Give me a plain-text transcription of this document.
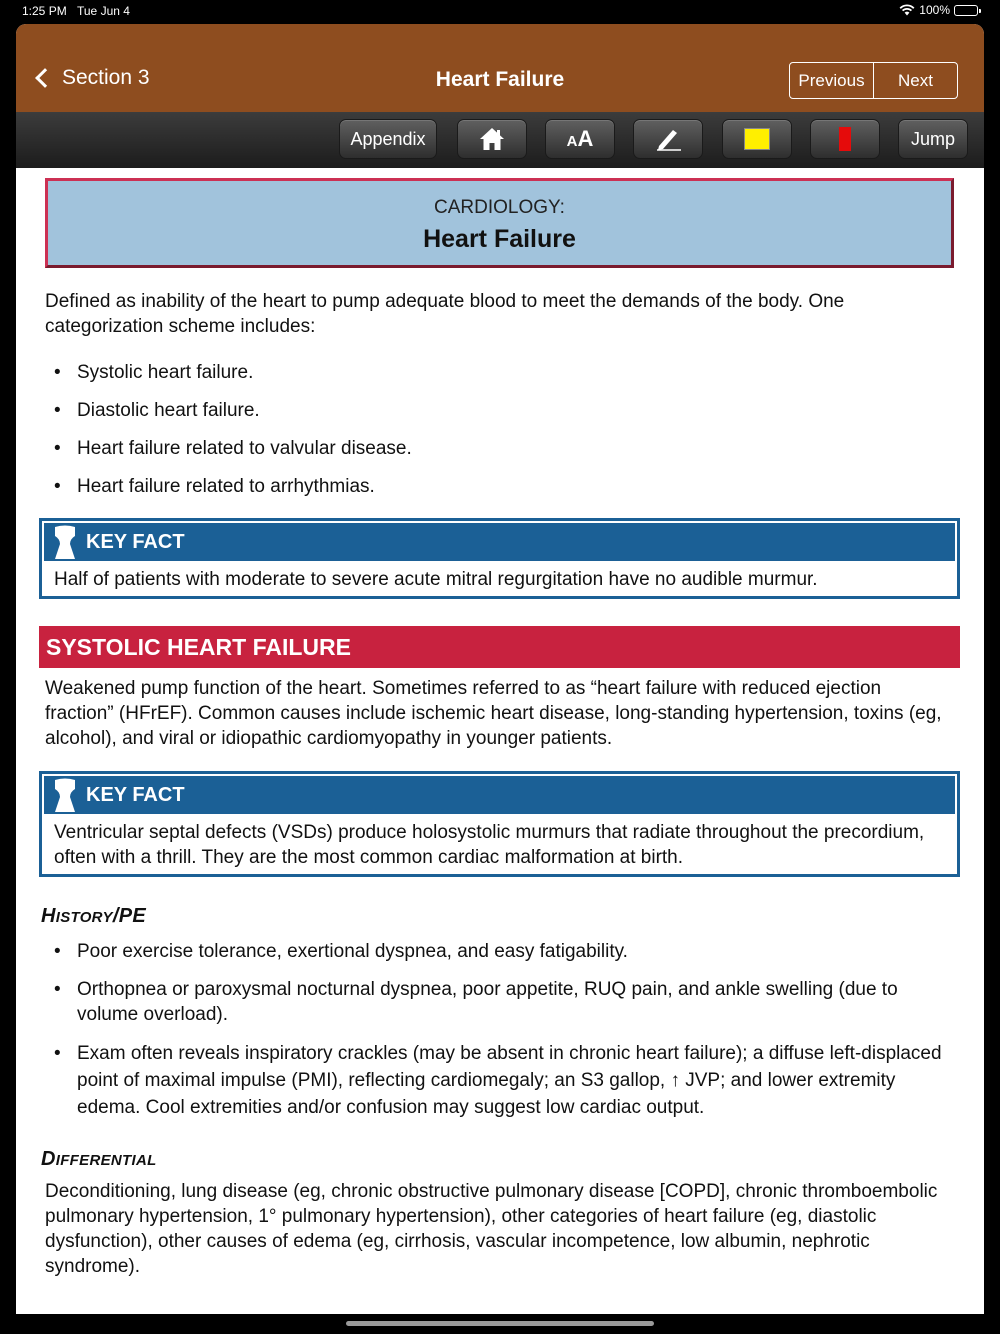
1:25 PM Tue Jun 4	100%
Section 3	Heart Failure	Previous	Next
Appendix	AA	Jump
CARDIOLOGY:
Heart Failure
Defined as inability of the heart to pump adequate blood to meet the demands of the body. One categorization scheme includes:
• Systolic heart failure.
• Diastolic heart failure.
• Heart failure related to valvular disease.
• Heart failure related to arrhythmias.
KEY FACT
Half of patients with moderate to severe acute mitral regurgitation have no audible murmur.
SYSTOLIC HEART FAILURE
Weakened pump function of the heart. Sometimes referred to as “heart failure with reduced ejection fraction” (HFrEF). Common causes include ischemic heart disease, long-standing hypertension, toxins (eg, alcohol), and viral or idiopathic cardiomyopathy in younger patients.
KEY FACT
Ventricular septal defects (VSDs) produce holosystolic murmurs that radiate throughout the precordium, often with a thrill. They are the most common cardiac malformation at birth.
HISTORY/PE
• Poor exercise tolerance, exertional dyspnea, and easy fatigability.
• Orthopnea or paroxysmal nocturnal dyspnea, poor appetite, RUQ pain, and ankle swelling (due to volume overload).
• Exam often reveals inspiratory crackles (may be absent in chronic heart failure); a diffuse left-displaced point of maximal impulse (PMI), reflecting cardiomegaly; an S3 gallop, ↑ JVP; and lower extremity edema. Cool extremities and/or confusion may suggest low cardiac output.
DIFFERENTIAL
Deconditioning, lung disease (eg, chronic obstructive pulmonary disease [COPD], chronic thromboembolic pulmonary hypertension, 1° pulmonary hypertension), other categories of heart failure (eg, diastolic dysfunction), other causes of edema (eg, cirrhosis, vascular incompetence, low albumin, nephrotic syndrome).
